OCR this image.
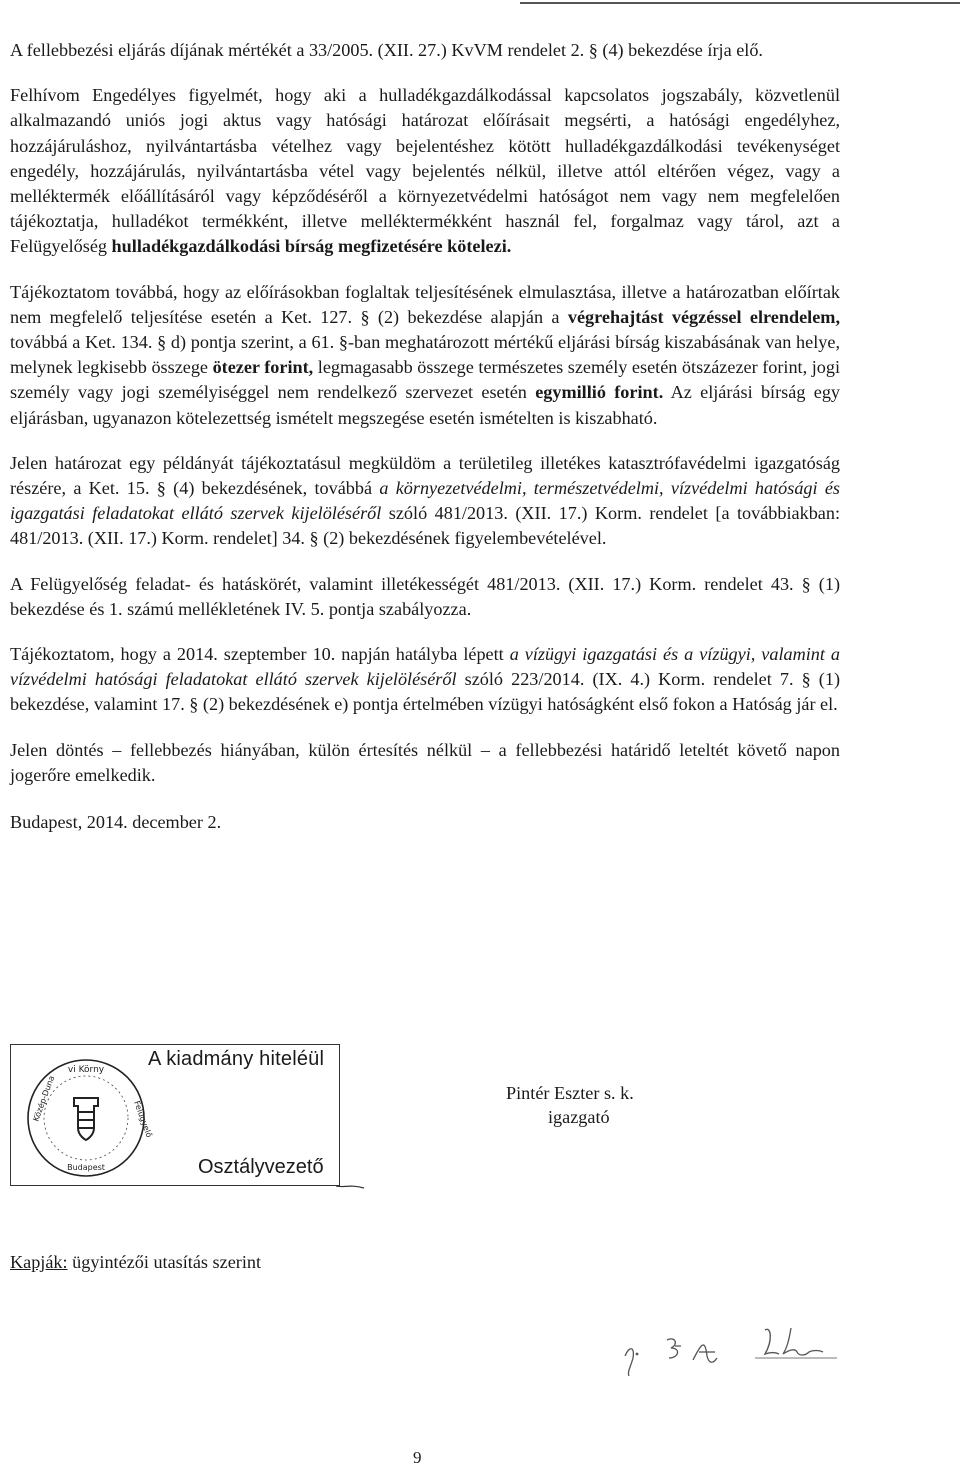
A fellebbezési eljárás díjának mértékét a 33/2005. (XII. 27.) KvVM rendelet 2. § (4) bekezdése írja elő.

Felhívom Engedélyes figyelmét, hogy aki a hulladékgazdálkodással kapcsolatos jogszabály, közvetlenül alkalmazandó uniós jogi aktus vagy hatósági határozat előírásait megsérti, a hatósági engedélyhez, hozzájáruláshoz, nyilvántartásba vételhez vagy bejelentéshez kötött hulladékgazdálkodási tevékenységet engedély, hozzájárulás, nyilvántartásba vétel vagy bejelentés nélkül, illetve attól eltérően végez, vagy a melléktermék előállításáról vagy képződéséről a környezetvédelmi hatóságot nem vagy nem megfelelően tájékoztatja, hulladékot termékként, illetve melléktermékként használ fel, forgalmaz vagy tárol, azt a Felügyelőség hulladékgazdálkodási bírság megfizetésére kötelezi.

Tájékoztatom továbbá, hogy az előírásokban foglaltak teljesítésének elmulasztása, illetve a határozatban előírtak nem megfelelő teljesítése esetén a Ket. 127. § (2) bekezdése alapján a végrehajtást végzéssel elrendelem, továbbá a Ket. 134. § d) pontja szerint, a 61. §-ban meghatározott mértékű eljárási bírság kiszabásának van helye, melynek legkisebb összege ötezer forint, legmagasabb összege természetes személy esetén ötszázezer forint, jogi személy vagy jogi személyiséggel nem rendelkező szervezet esetén egymillió forint. Az eljárási bírság egy eljárásban, ugyanazon kötelezettség ismételt megszegése esetén ismételten is kiszabható.

Jelen határozat egy példányát tájékoztatásul megküldöm a területileg illetékes katasztrófavédelmi igazgatóság részére, a Ket. 15. § (4) bekezdésének, továbbá a környezetvédelmi, természetvédelmi, vízvédelmi hatósági és igazgatási feladatokat ellátó szervek kijelöléséről szóló 481/2013. (XII. 17.) Korm. rendelet [a továbbiakban: 481/2013. (XII. 17.) Korm. rendelet] 34. § (2) bekezdésének figyelembevételével.

A Felügyelőség feladat- és hatáskörét, valamint illetékességét 481/2013. (XII. 17.) Korm. rendelet 43. § (1) bekezdése és 1. számú mellékletének IV. 5. pontja szabályozza.

Tájékoztatom, hogy a 2014. szeptember 10. napján hatályba lépett a vízügyi igazgatási és a vízügyi, valamint a vízvédelmi hatósági feladatokat ellátó szervek kijelöléséről szóló 223/2014. (IX. 4.) Korm. rendelet 7. § (1) bekezdése, valamint 17. § (2) bekezdésének e) pontja értelmében vízügyi hatóságként első fokon a Hatóság jár el.

Jelen döntés – fellebbezés hiányában, külön értesítés nélkül – a fellebbezési határidő leteltét követő napon jogerőre emelkedik.

Budapest, 2014. december 2.

vi Körny
Budapest
Közép-Duna	Felügyelő
A kiadmány hiteléül
Osztályvezető
Pintér Eszter s. k.
igazgató
Kapják: ügyintézői utasítás szerint
9
